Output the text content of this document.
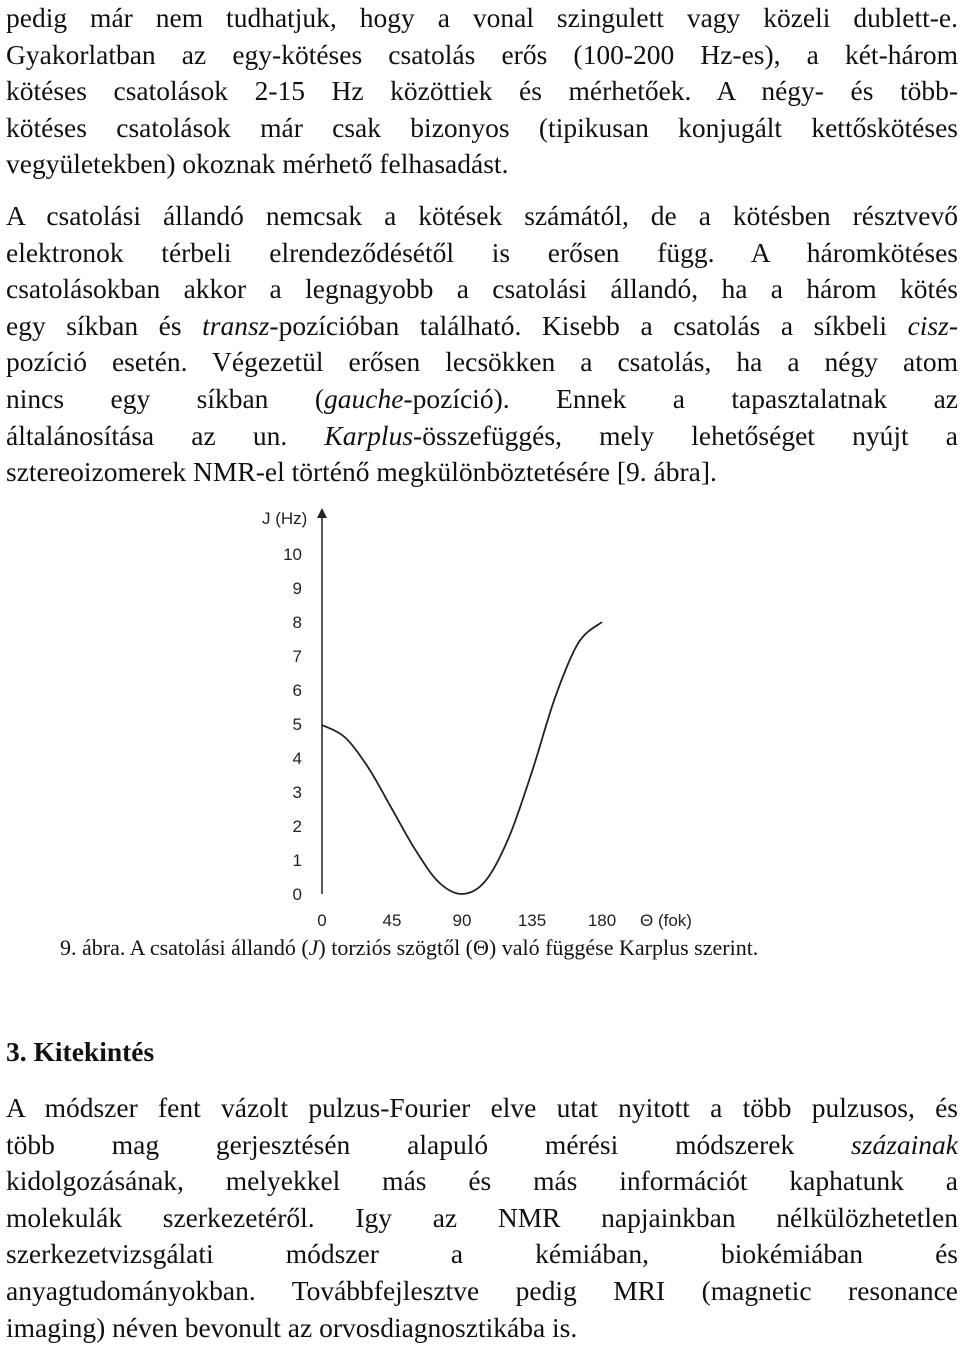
pedig már nem tudhatjuk, hogy a vonal szingulett vagy közeli dublett-e.
Gyakorlatban az egy-kötéses csatolás erős (100-200 Hz-es), a két-három
kötéses csatolások 2-15 Hz közöttiek és mérhetőek. A négy- és több-
kötéses csatolások már csak bizonyos (tipikusan konjugált kettőskötéses
vegyületekben) okoznak mérhető felhasadást.
A csatolási állandó nemcsak a kötések számától, de a kötésben résztvevő
elektronok térbeli elrendeződésétől is erősen függ. A háromkötéses
csatolásokban akkor a legnagyobb a csatolási állandó, ha a három kötés
egy síkban és transz-pozícióban található. Kisebb a csatolás a síkbeli cisz-
pozíció esetén. Végezetül erősen lecsökken a csatolás, ha a négy atom
nincs egy síkban (gauche-pozíció). Ennek a tapasztalatnak az
általánosítása az un. Karplus-összefüggés, mely lehetőséget nyújt a
sztereoizomerek NMR-el történő megkülönböztetésére [9. ábra].
0
1
2
3
4
5
6
7
8
9
10
0	45	90	135 180
J (Hz)
Θ (fok)
9. ábra. A csatolási állandó (J) torziós szögtől (Θ) való függése Karplus szerint.
3. Kitekintés
A módszer fent vázolt pulzus-Fourier elve utat nyitott a több pulzusos, és
több mag gerjesztésén alapuló mérési módszerek százainak
kidolgozásának, melyekkel más és más információt kaphatunk a
molekulák szerkezetéről. Igy az NMR napjainkban nélkülözhetetlen
szerkezetvizsgálati módszer a kémiában, biokémiában és
anyagtudományokban. Továbbfejlesztve pedig MRI (magnetic resonance
imaging) néven bevonult az orvosdiagnosztikába is.
